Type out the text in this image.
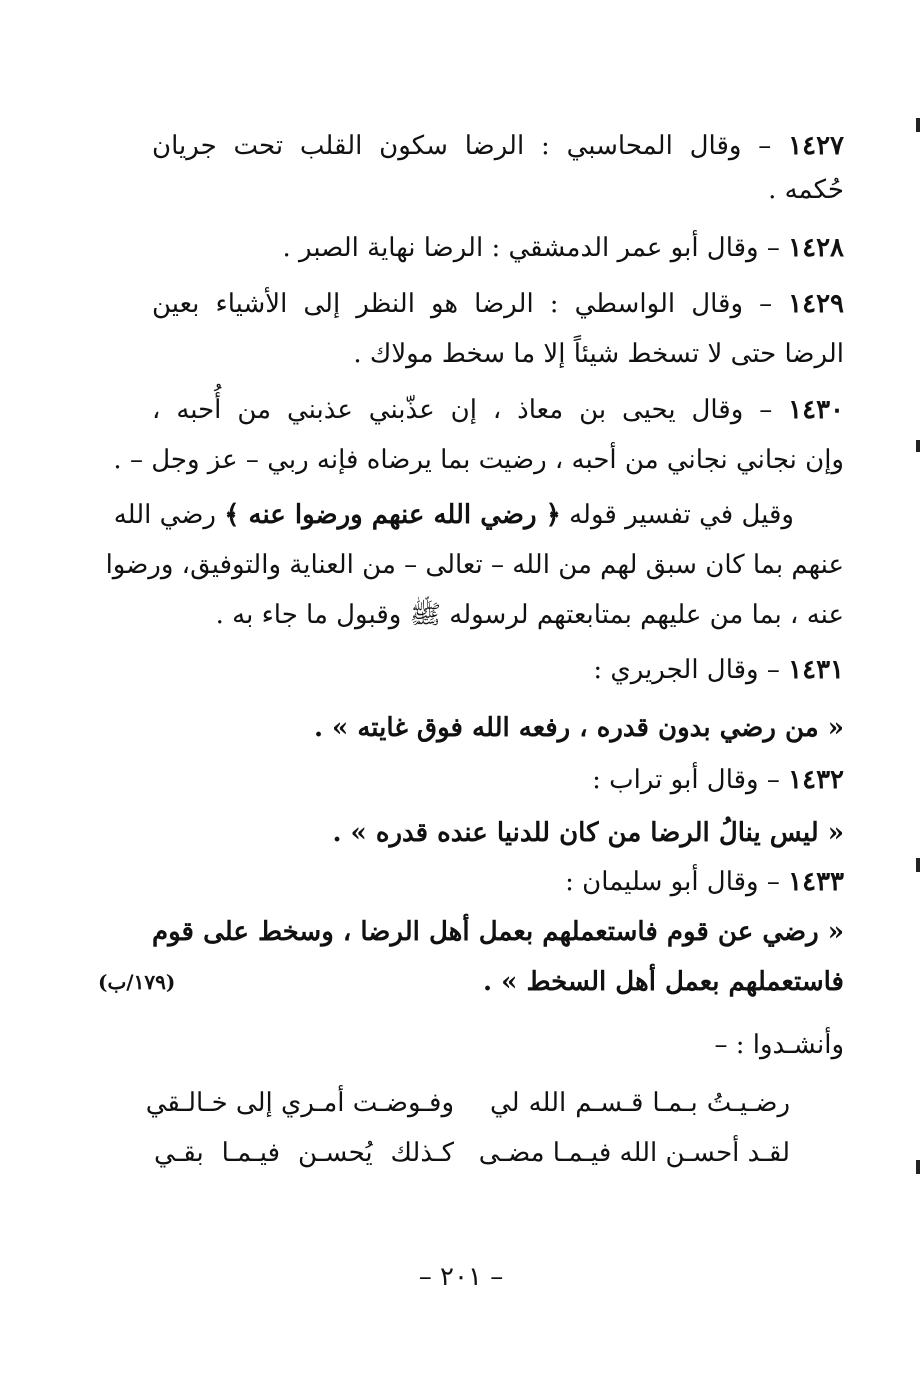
١٤٢٧ – وقال المحاسبي : الرضا سكون القلب تحت جريان
حُكمه .
١٤٢٨ – وقال أبو عمر الدمشقي : الرضا نهاية الصبر .
١٤٢٩ – وقال الواسطي : الرضا هو النظر إلى الأشياء بعين
الرضا حتى لا تسخط شيئاً إلا ما سخط مولاك .
١٤٣٠ – وقال يحيى بن معاذ ، إن عذّبني عذبني من أُحبه ،
وإن نجاني نجاني من أحبه ، رضيت بما يرضاه فإنه ربي – عز وجل – .
وقيل في تفسير قوله ﴿ رضي الله عنهم ورضوا عنه ﴾ رضي الله
عنهم بما كان سبق لهم من الله – تعالى – من العناية والتوفيق، ورضوا
عنه ، بما من عليهم بمتابعتهم لرسوله ﷺ وقبول ما جاء به .
١٤٣١ – وقال الجريري :
« من رضي بدون قدره ، رفعه الله فوق غايته » .
١٤٣٢ – وقال أبو تراب :
« ليس ينالُ الرضا من كان للدنيا عنده قدره » .
١٤٣٣ – وقال أبو سليمان :
« رضي عن قوم فاستعملهم بعمل أهل الرضا ، وسخط على قوم
فاستعملهم بعمل أهل السخط » .
(١٧٩/ب)
وأنشـدوا : –
رضـيـتُ بـمـا قـسـم الله لي
وفـوضـت أمـري إلى خـالـقي
لقـد أحسـن الله فيـمـا مضـى
كـذلك يُحسـن فيـمـا بقـي
– ٢٠١ –
